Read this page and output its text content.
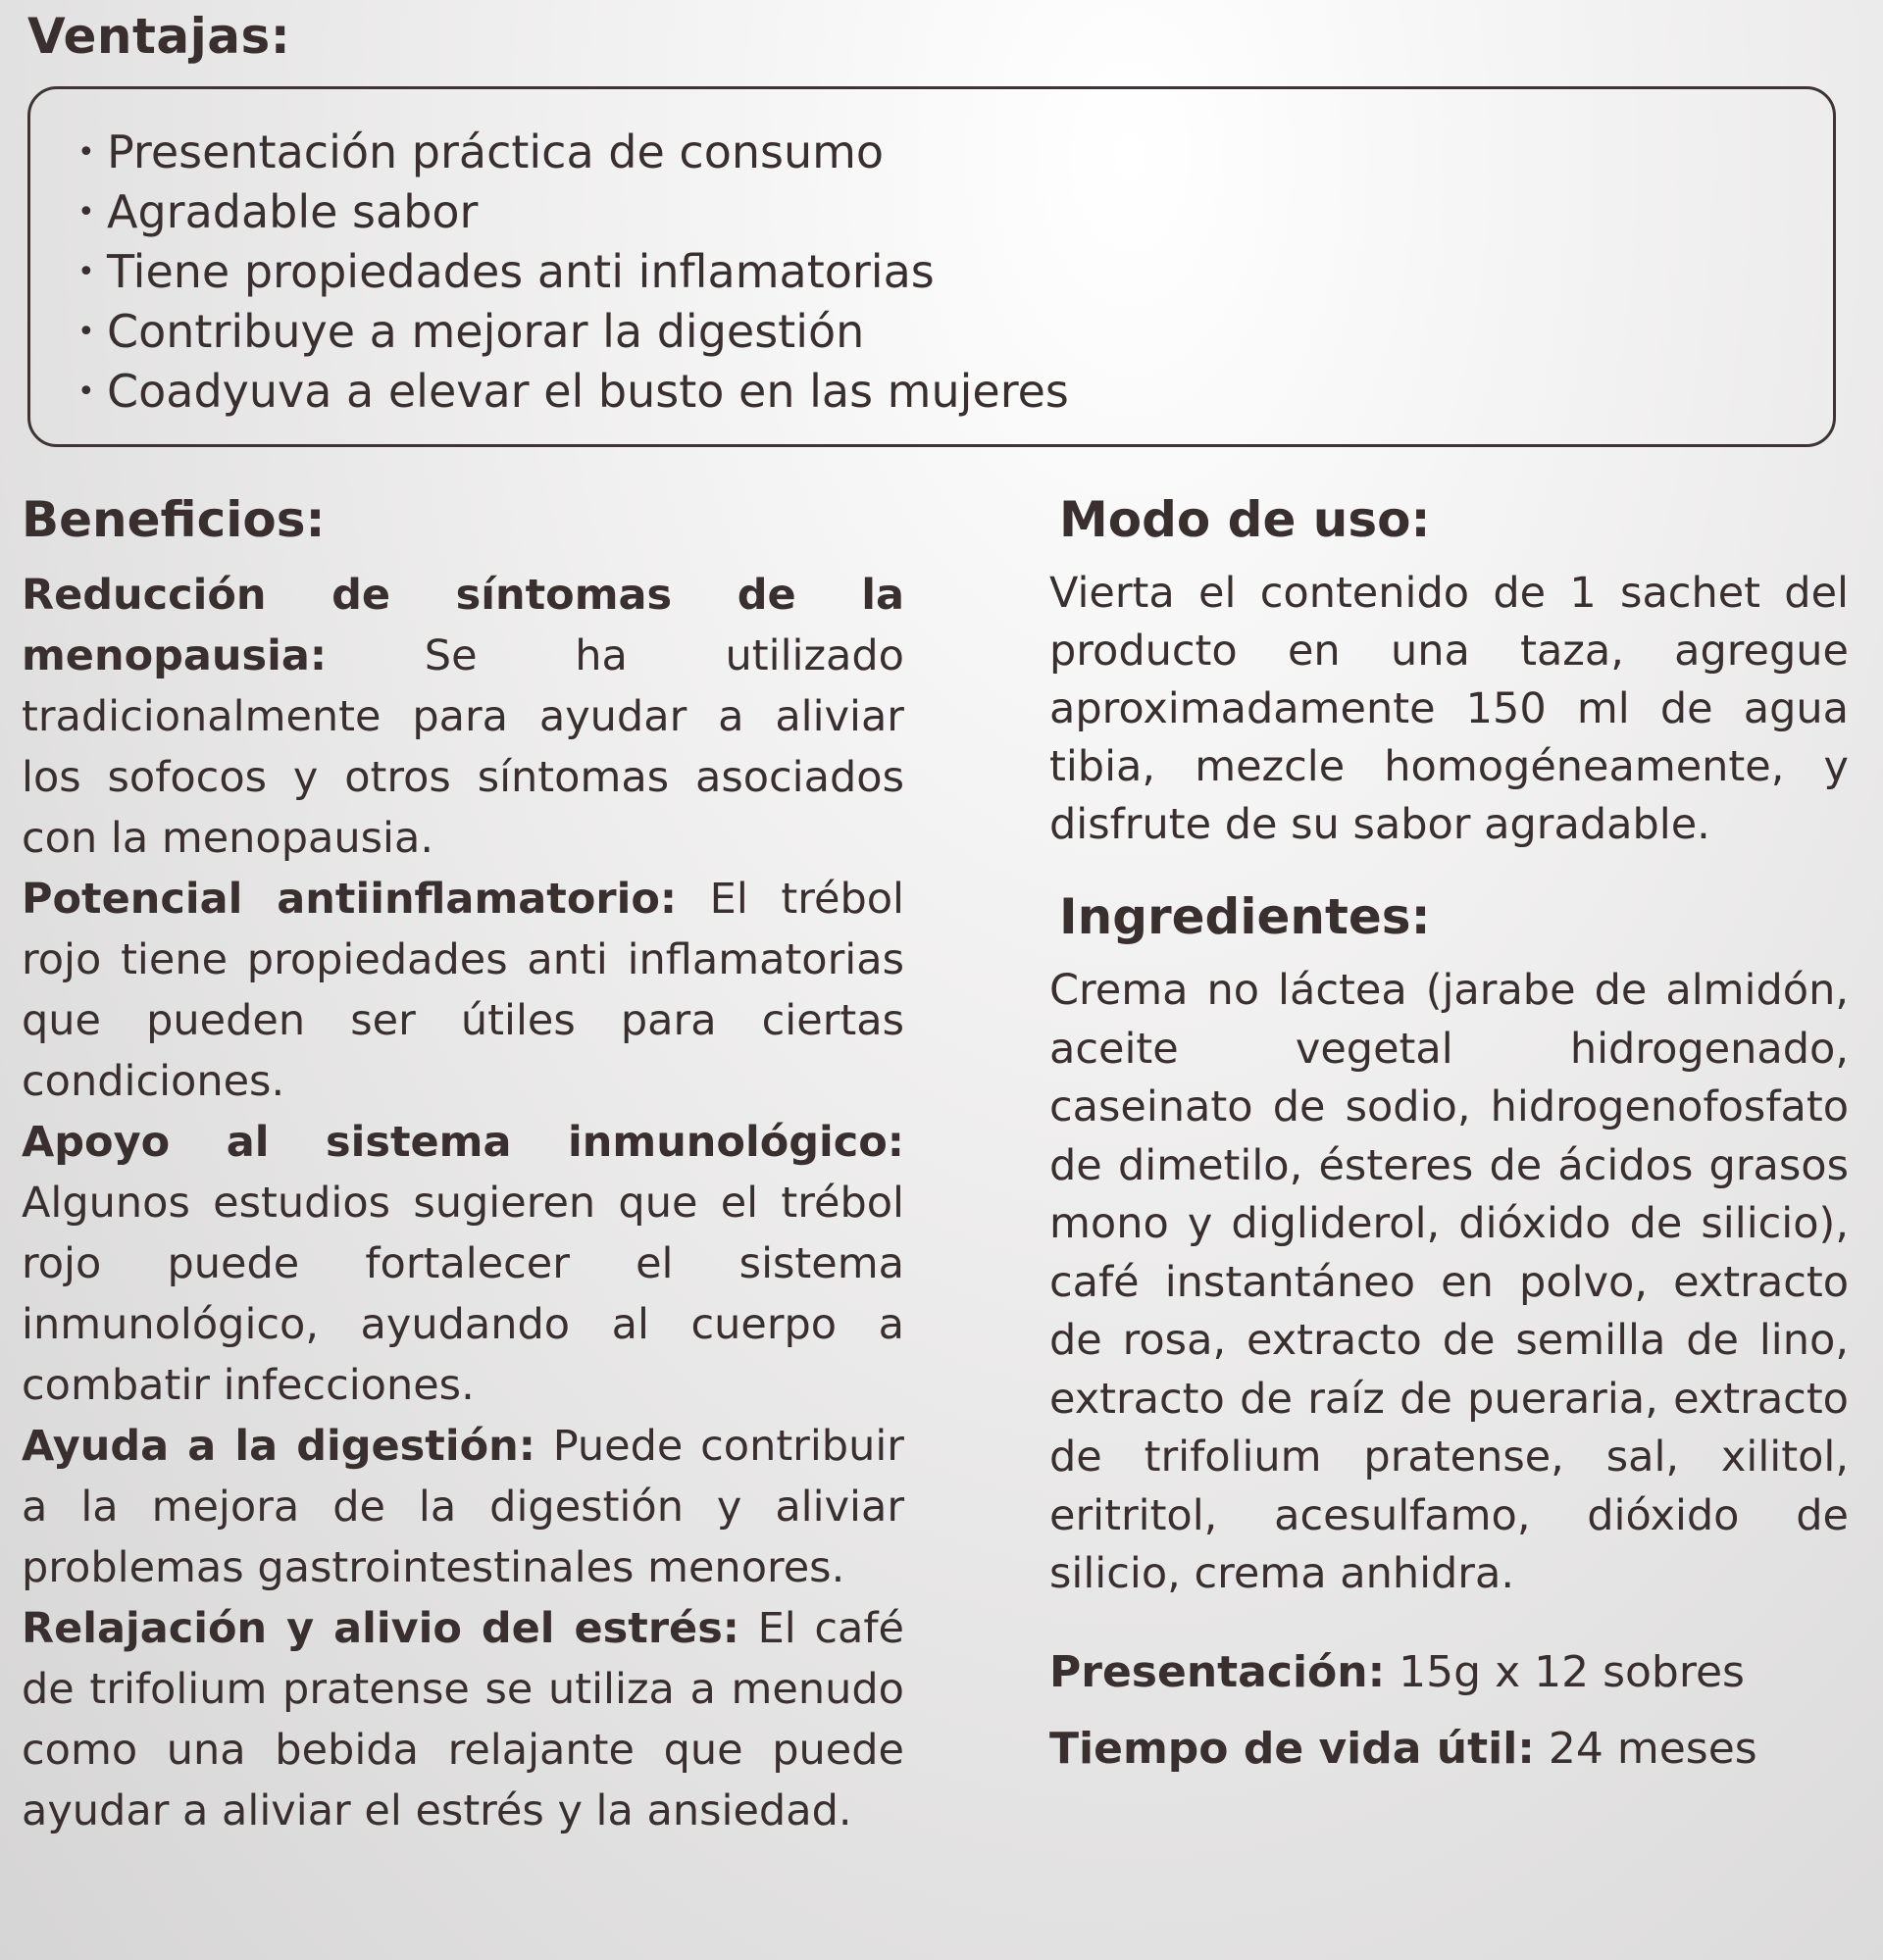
Ventajas:
• Presentación práctica de consumo
• Agradable sabor
• Tiene propiedades anti inflamatorias
• Contribuye a mejorar la digestión
• Coadyuva a elevar el busto en las mujeres
Beneficios:

Reducción de síntomas de la menopausia: Se ha utilizado tradicionalmente para ayudar a aliviar los sofocos y otros síntomas asociados con la menopausia.

Potencial antiinflamatorio: El trébol rojo tiene propiedades anti inflamatorias que pueden ser útiles para ciertas condiciones.

Apoyo al sistema inmunológico: Algunos estudios sugieren que el trébol rojo puede fortalecer el sistema inmunológico, ayudando al cuerpo a combatir infecciones.

Ayuda a la digestión: Puede contribuir a la mejora de la digestión y aliviar problemas gastrointestinales menores.

Relajación y alivio del estrés: El café de trifolium pratense se utiliza a menudo como una bebida relajante que puede ayudar a aliviar el estrés y la ansiedad.

Modo de uso:

Vierta el contenido de 1 sachet del producto en una taza, agregue aproximadamente 150 ml de agua tibia, mezcle homogéneamente, y disfrute de su sabor agradable.

Ingredientes:

Crema no láctea (jarabe de almidón, aceite vegetal hidrogenado, caseinato de sodio, hidrogenofosfato de dimetilo, ésteres de ácidos grasos mono y digliderol, dióxido de silicio), café instantáneo en polvo, extracto de rosa, extracto de semilla de lino, extracto de raíz de pueraria, extracto de trifolium pratense, sal, xilitol, eritritol, acesulfamo, dióxido de silicio, crema anhidra.

Presentación: 15g x 12 sobres

Tiempo de vida útil: 24 meses
